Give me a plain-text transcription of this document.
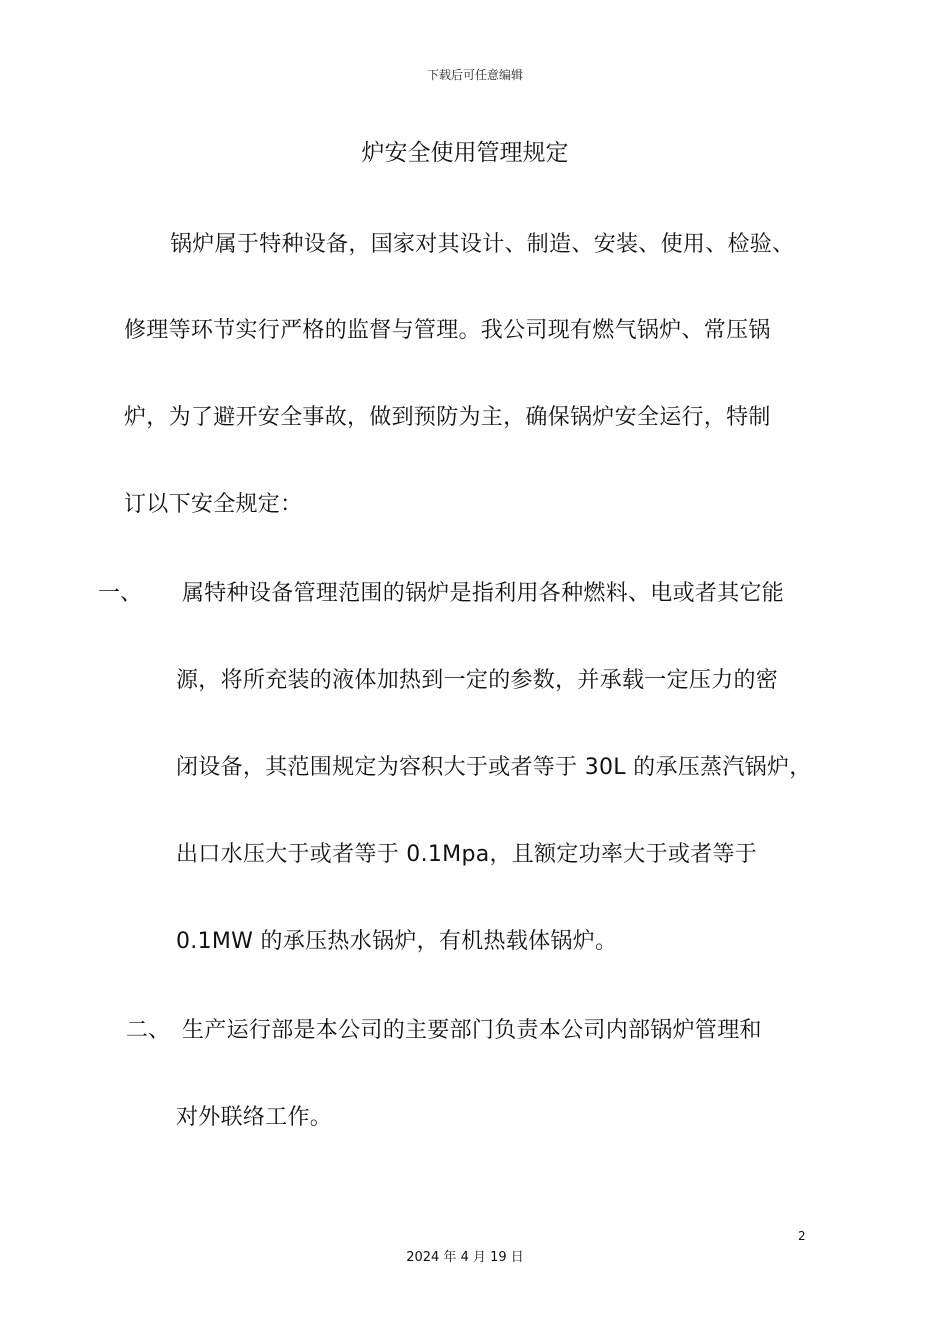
下载后可任意编辑
炉安全使用管理规定
锅炉属于特种设备，国家对其设计、制造、安装、使用、检验、
修理等环节实行严格的监督与管理。我公司现有燃气锅炉、常压锅
炉，为了避开安全事故，做到预防为主，确保锅炉安全运行，特制
订以下安全规定：
一、 属特种设备管理范围的锅炉是指利用各种燃料、电或者其它能
源，将所充装的液体加热到一定的参数，并承载一定压力的密
闭设备，其范围规定为容积大于或者等于 30L 的承压蒸汽锅炉，
出口水压大于或者等于 0.1Mpa，且额定功率大于或者等于
0.1MW 的承压热水锅炉，有机热载体锅炉。
二、 生产运行部是本公司的主要部门负责本公司内部锅炉管理和
对外联络工作。
2
2024 年 4 月 19 日
